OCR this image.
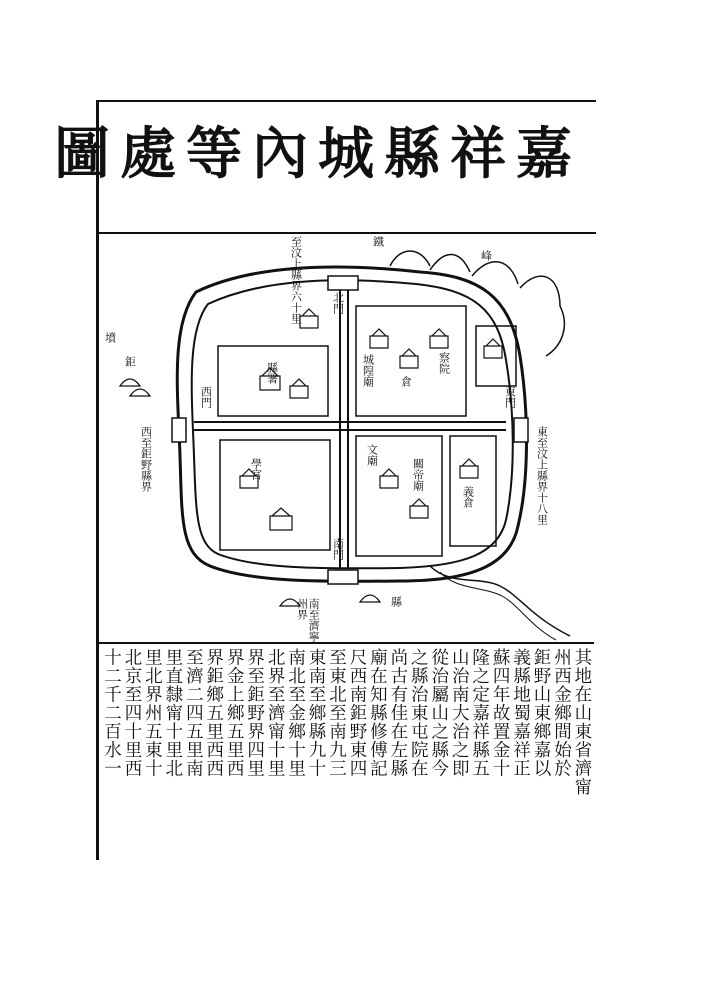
嘉祥縣城內等處圖
至汶上縣界六十里	鐵
峰
西至鉅野縣界
墳
鉅
東至汶上縣界十八里
南至濟寧州界	縣
縣署
學宮
城隍廟 倉
察院
文廟
東門
西門
南門
北門
關帝廟
義倉
其地在山東省濟甯
州西金鄉間始於
鉅野山東鄉嘉以
義縣地蜀嘉祥正
蘇四年故置金十
隆之定嘉祥縣五
山治南大治之即
從治屬山之縣今
之縣治東屯院在
尚古有佳在左縣
廟在知縣修傅記
尺西南鉅野東四
至東北至南九三
東南至鄉縣九十
南北至金鄉十里
北界至濟甯十里
界至鉅野界四里
界金上鄉五里西
界鉅鄉五里西西
至濟二四五里南
里直隸甯十里北
里北界州五東十
北京至四十里西
十二千二百水一
